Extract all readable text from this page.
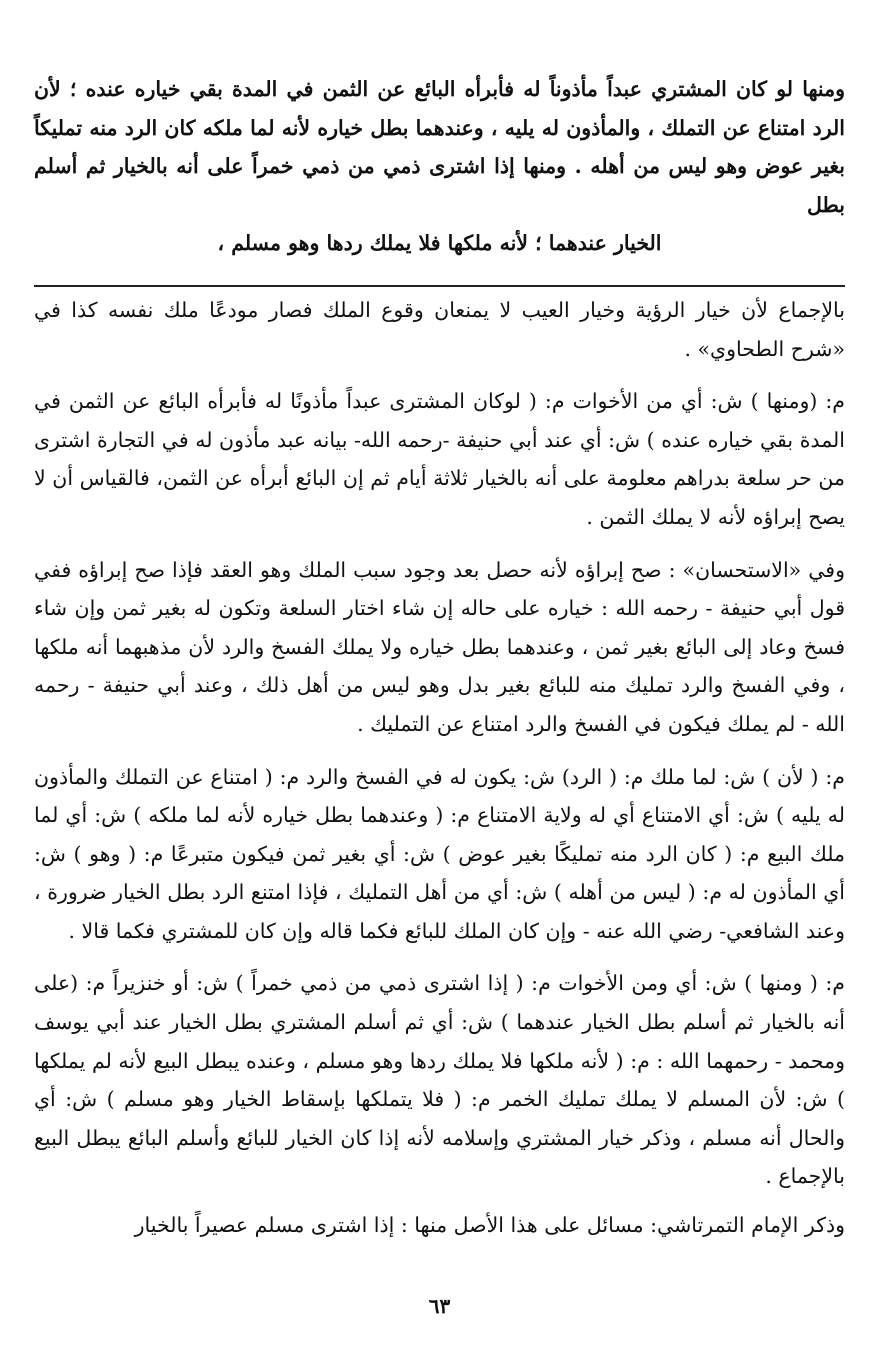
ومنها لو كان المشتري عبداً مأذوناً له فأبرأه البائع عن الثمن في المدة بقي خياره عنده ؛ لأن الرد امتناع عن التملك ، والمأذون له يليه ، وعندهما بطل خياره لأنه لما ملكه كان الرد منه تمليكاً بغير عوض وهو ليس من أهله . ومنها إذا اشترى ذمي من ذمي خمراً على أنه بالخيار ثم أسلم بطل

الخيار عندهما ؛ لأنه ملكها فلا يملك ردها وهو مسلم ،

بالإجماع لأن خيار الرؤية وخيار العيب لا يمنعان وقوع الملك فصار مودعًا ملك نفسه كذا في «شرح الطحاوي» .

م: (ومنها ) ش: أي من الأخوات م: ( لوكان المشترى عبداً مأذونًا له فأبرأه البائع عن الثمن في المدة بقي خياره عنده ) ش: أي عند أبي حنيفة -رحمه الله- بيانه عبد مأذون له في التجارة اشترى من حر سلعة بدراهم معلومة على أنه بالخيار ثلاثة أيام ثم إن البائع أبرأه عن الثمن، فالقياس أن لا يصح إبراؤه لأنه لا يملك الثمن .

وفي «الاستحسان» : صح إبراؤه لأنه حصل بعد وجود سبب الملك وهو العقد فإذا صح إبراؤه ففي قول أبي حنيفة - رحمه الله : خياره على حاله إن شاء اختار السلعة وتكون له بغير ثمن وإن شاء فسخ وعاد إلى البائع بغير ثمن ، وعندهما بطل خياره ولا يملك الفسخ والرد لأن مذهبهما أنه ملكها ، وفي الفسخ والرد تمليك منه للبائع بغير بدل وهو ليس من أهل ذلك ، وعند أبي حنيفة - رحمه الله - لم يملك فيكون في الفسخ والرد امتناع عن التمليك .

م: ( لأن ) ش: لما ملك م: ( الرد) ش: يكون له في الفسخ والرد م: ( امتناع عن التملك والمأذون له يليه ) ش: أي الامتناع أي له ولاية الامتناع م: ( وعندهما بطل خياره لأنه لما ملكه ) ش: أي لما ملك البيع م: ( كان الرد منه تمليكًا بغير عوض ) ش: أي بغير ثمن فيكون متبرعًا م: ( وهو ) ش: أي المأذون له م: ( ليس من أهله ) ش: أي من أهل التمليك ، فإذا امتنع الرد بطل الخيار ضرورة ، وعند الشافعي- رضي الله عنه - وإن كان الملك للبائع فكما قاله وإن كان للمشتري فكما قالا .

م: ( ومنها ) ش: أي ومن الأخوات م: ( إذا اشترى ذمي من ذمي خمراً ) ش: أو خنزيراً م: (على أنه بالخيار ثم أسلم بطل الخيار عندهما ) ش: أي ثم أسلم المشتري بطل الخيار عند أبي يوسف ومحمد - رحمهما الله : م: ( لأنه ملكها فلا يملك ردها وهو مسلم ، وعنده يبطل البيع لأنه لم يملكها ) ش: لأن المسلم لا يملك تمليك الخمر م: ( فلا يتملكها بإسقاط الخيار وهو مسلم ) ش: أي والحال أنه مسلم ، وذكر خيار المشتري وإسلامه لأنه إذا كان الخيار للبائع وأسلم البائع يبطل البيع بالإجماع .

وذكر الإمام التمرتاشي: مسائل على هذا الأصل منها : إذا اشترى مسلم عصيراً بالخيار

٦٣
